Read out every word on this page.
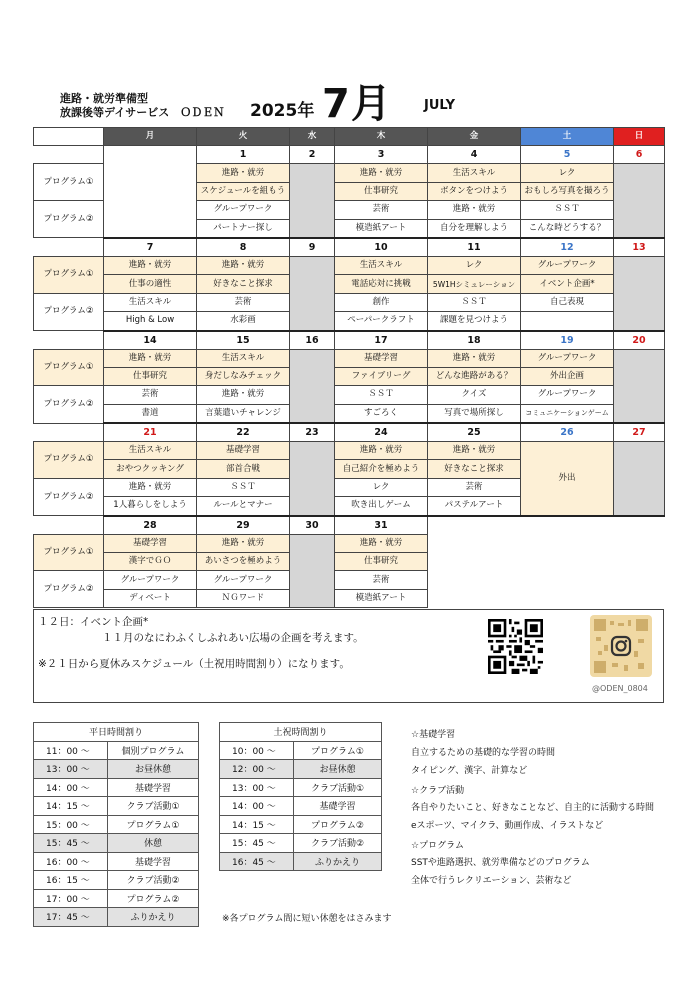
進路・就労準備型
放課後等デイサービス　ＯＤＥＮ 2025年 7月 JULY
	月	火	水	木	金	土	日
		1	2	3	4	5	6
プログラム①		進路・就労		進路・就労	生活スキル	レク	
		スケジュールを組もう		仕事研究	ボタンをつけよう	おもしろ写真を撮ろう	
プログラム②		グループワーク		芸術	進路・就労	ＳＳＴ	
		パートナー探し		模造紙アート	自分を理解しよう	こんな時どうする？	
	7	8	9	10	11	12	13
プログラム①	進路・就労	進路・就労		生活スキル	レク	グループワーク	
	仕事の適性	好きなこと探求		電話応対に挑戦	5W1Hシミュレーション	イベント企画*	
プログラム②	生活スキル	芸術		創作	ＳＳＴ	自己表現	
	High & Low	水彩画		ペーパークラフト	課題を見つけよう		
	14	15	16	17	18	19	20
プログラム①	進路・就労	生活スキル		基礎学習	進路・就労	グループワーク	
	仕事研究	身だしなみチェック		ファイブリーグ	どんな進路がある？	外出企画	
プログラム②	芸術	進路・就労		ＳＳＴ	クイズ	グループワーク	
	書道	言葉遣いチャレンジ		すごろく	写真で場所探し	コミュニケーションゲーム	
	21	22	23	24	25	26	27
プログラム①	生活スキル	基礎学習		進路・就労	進路・就労	外出	
	おやつクッキング	部首合戦		自己紹介を極めよう	好きなこと探求		
プログラム②	進路・就労	ＳＳＴ		レク	芸術		
	1人暮らしをしよう	ルールとマナー		吹き出しゲーム	パステルアート		
	28	29	30	31			
プログラム①	基礎学習	進路・就労		進路・就労			
	漢字でＧＯ	あいさつを極めよう		仕事研究			
プログラム②	グループワーク	グループワーク		芸術			
	ディベート	ＮＧワード		模造紙アート			
１２日：イベント企画*
１１月のなにわふくしふれあい広場の企画を考えます。
※２１日から夏休みスケジュール（土祝用時間割り）になります。
@ODEN_0804
平日時間割り	
11：00 〜	個別プログラム
13：00 〜	お昼休憩
14：00 〜	基礎学習
14：15 〜	クラブ活動①
15：00 〜	プログラム①
15：45 〜	休憩
16：00 〜	基礎学習
16：15 〜	クラブ活動②
17：00 〜	プログラム②
17：45 〜	ふりかえり
土祝時間割り	
10：00 〜	プログラム①
12：00 〜	お昼休憩
13：00 〜	クラブ活動①
14：00 〜	基礎学習
14：15 〜	プログラム②
15：45 〜	クラブ活動②
16：45 〜	ふりかえり
☆基礎学習
自立するための基礎的な学習の時間
タイピング、漢字、計算など
☆クラブ活動
各自やりたいこと、好きなことなど、自主的に活動する時間
eスポーツ、マイクラ、動画作成、イラストなど
☆プログラム
SSTや進路選択、就労準備などのプログラム
全体で行うレクリエーション、芸術など
※各プログラム間に短い休憩をはさみます
